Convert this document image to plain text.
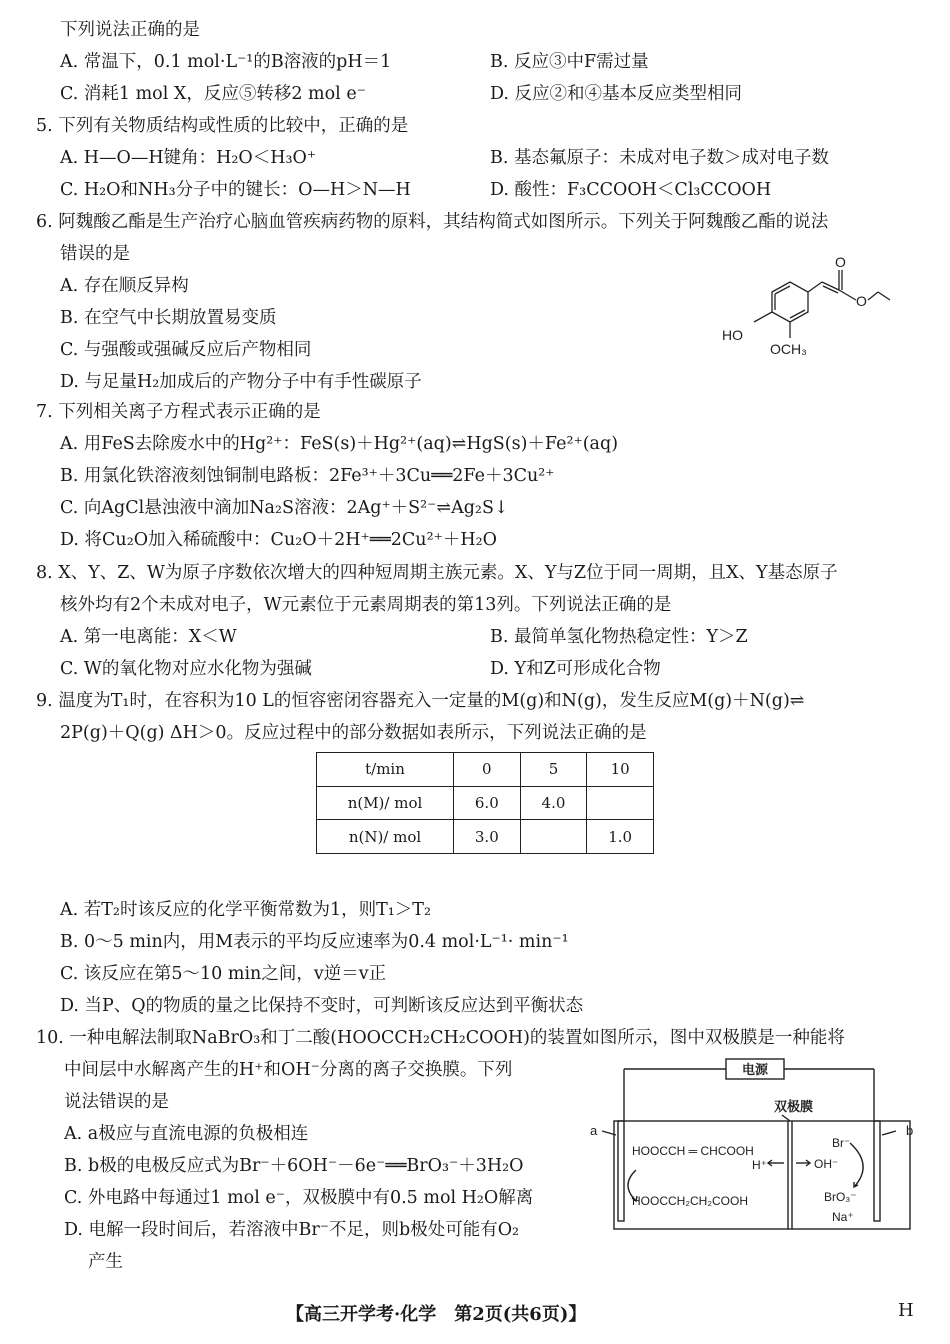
下列说法正确的是
A. 常温下，0.1 mol·L⁻¹的B溶液的pH＝1	B. 反应③中F需过量
C. 消耗1 mol X，反应⑤转移2 mol e⁻	D. 反应②和④基本反应类型相同
5. 下列有关物质结构或性质的比较中，正确的是
A. H—O—H键角：H₂O＜H₃O⁺	B. 基态氟原子：未成对电子数＞成对电子数
C. H₂O和NH₃分子中的键长：O—H＞N—H	D. 酸性：F₃CCOOH＜Cl₃CCOOH
6. 阿魏酸乙酯是生产治疗心脑血管疾病药物的原料，其结构简式如图所示。下列关于阿魏酸乙酯的说法
错误的是
A. 存在顺反异构
B. 在空气中长期放置易变质
C. 与强酸或强碱反应后产物相同
D. 与足量H₂加成后的产物分子中有手性碳原子
O
O
HO
OCH₃
7. 下列相关离子方程式表示正确的是
A. 用FeS去除废水中的Hg²⁺：FeS(s)＋Hg²⁺(aq)⇌HgS(s)＋Fe²⁺(aq)
B. 用氯化铁溶液刻蚀铜制电路板：2Fe³⁺＋3Cu══2Fe＋3Cu²⁺
C. 向AgCl悬浊液中滴加Na₂S溶液：2Ag⁺＋S²⁻⇌Ag₂S↓
D. 将Cu₂O加入稀硫酸中：Cu₂O＋2H⁺══2Cu²⁺＋H₂O
8. X、Y、Z、W为原子序数依次增大的四种短周期主族元素。X、Y与Z位于同一周期，且X、Y基态原子
核外均有2个未成对电子，W元素位于元素周期表的第13列。下列说法正确的是
A. 第一电离能：X＜W	B. 最简单氢化物热稳定性：Y＞Z
C. W的氧化物对应水化物为强碱	D. Y和Z可形成化合物
9. 温度为T₁时，在容积为10 L的恒容密闭容器充入一定量的M(g)和N(g)，发生反应M(g)＋N(g)⇌
2P(g)＋Q(g) ΔH＞0。反应过程中的部分数据如表所示，下列说法正确的是
t/min	0	5	10
n(M)/ mol	6.0	4.0	
n(N)/ mol	3.0		1.0
A. 若T₂时该反应的化学平衡常数为1，则T₁＞T₂
B. 0～5 min内，用M表示的平均反应速率为0.4 mol·L⁻¹· min⁻¹
C. 该反应在第5～10 min之间，v逆＝v正
D. 当P、Q的物质的量之比保持不变时，可判断该反应达到平衡状态
10. 一种电解法制取NaBrO₃和丁二酸(HOOCCH₂CH₂COOH)的装置如图所示，图中双极膜是一种能将
中间层中水解离产生的H⁺和OH⁻分离的离子交换膜。下列
说法错误的是
A. a极应与直流电源的负极相连
B. b极的电极反应式为Br⁻＋6OH⁻－6e⁻══BrO₃⁻＋3H₂O
C. 外电路中每通过1 mol e⁻，双极膜中有0.5 mol H₂O解离
D. 电解一段时间后，若溶液中Br⁻不足，则b极处可能有O₂
产生
电源
双极膜
a	b
HOOCCH ═ CHCOOH
HOOCCH₂CH₂COOH
H⁺	OH⁻
Br⁻
BrO₃⁻
Na⁺
【高三开学考·化学　第2页(共6页)】	H
